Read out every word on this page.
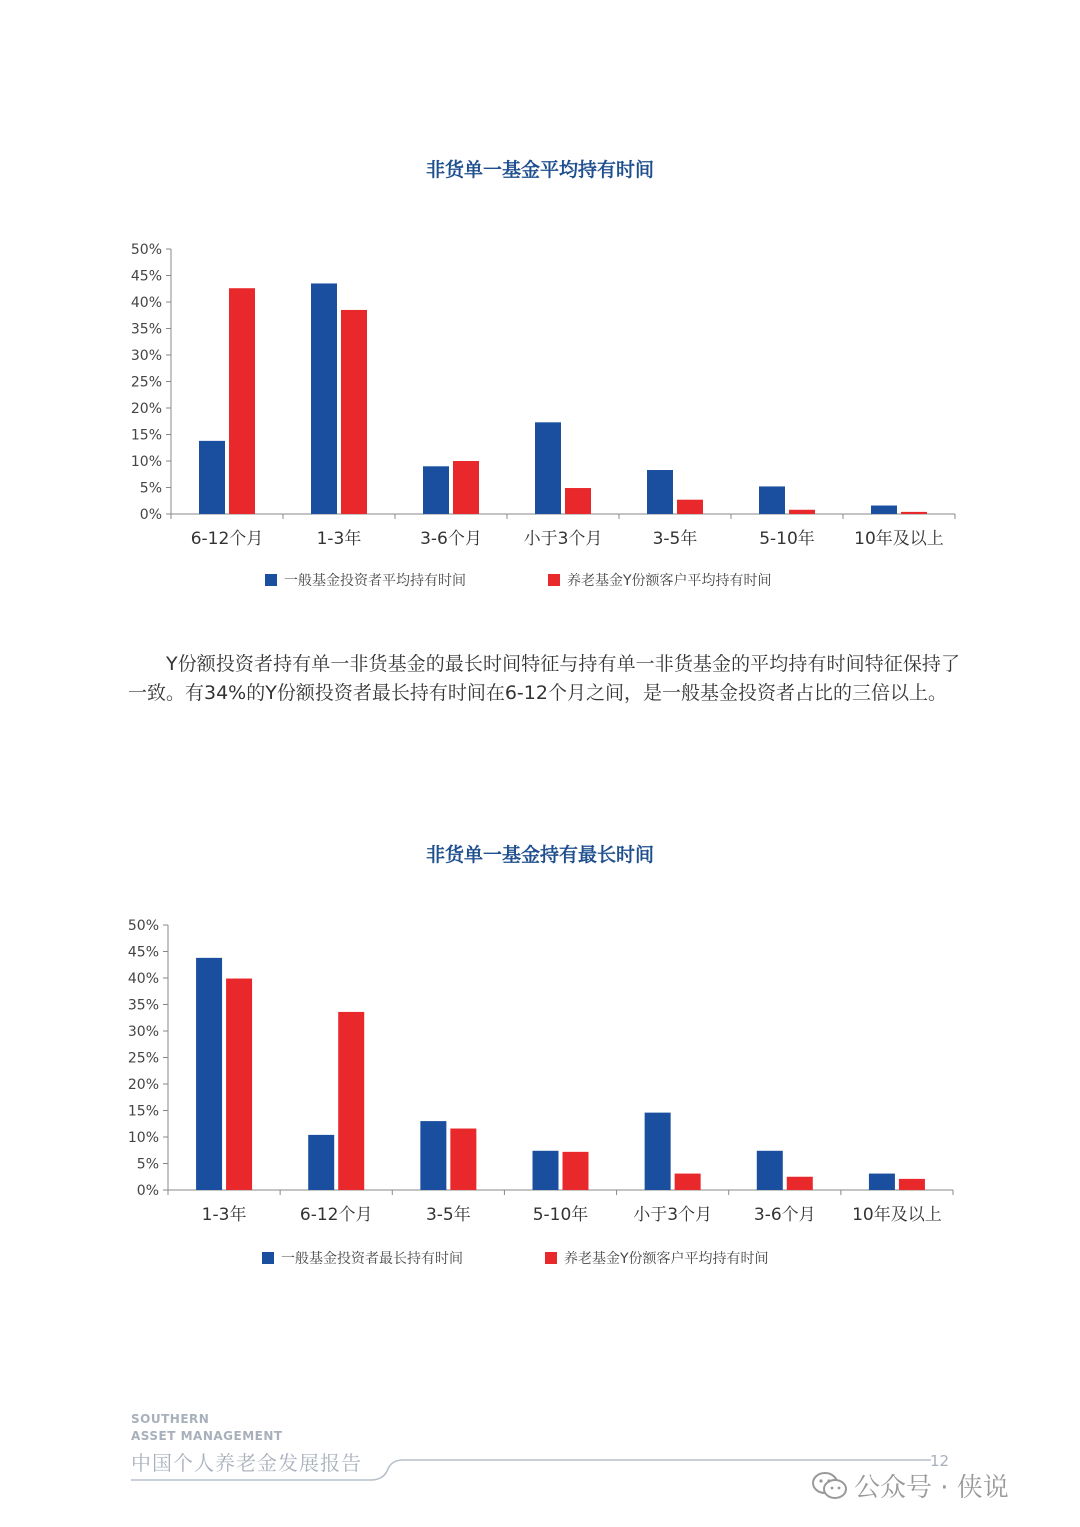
非货单一基金平均持有时间
0%
5%
10%
15%
20%
25%
30%
35%
40%
45%
50%
6-12个月	1-3年	3-6个月 小于3个月	3-5年	5-10年 10年及以上
一般基金投资者平均持有时间	养老基金Y份额客户平均持有时间
Y份额投资者持有单一非货基金的最长时间特征与持有单一非货基金的平均持有时间特征保持了一致。有34%的Y份额投资者最长持有时间在6-12个月之间，是一般基金投资者占比的三倍以上。
非货单一基金持有最长时间
0%
5%
10%
15%
20%
25%
30%
35%
40%
45%
50%
1-3年	6-12个月	3-5年	5-10年	小于3个月 3-6个月 10年及以上
一般基金投资者最长持有时间	养老基金Y份额客户平均持有时间
SOUTHERN
ASSET MANAGEMENT
中国个人养老金发展报告	12
公众号 · 侠说
